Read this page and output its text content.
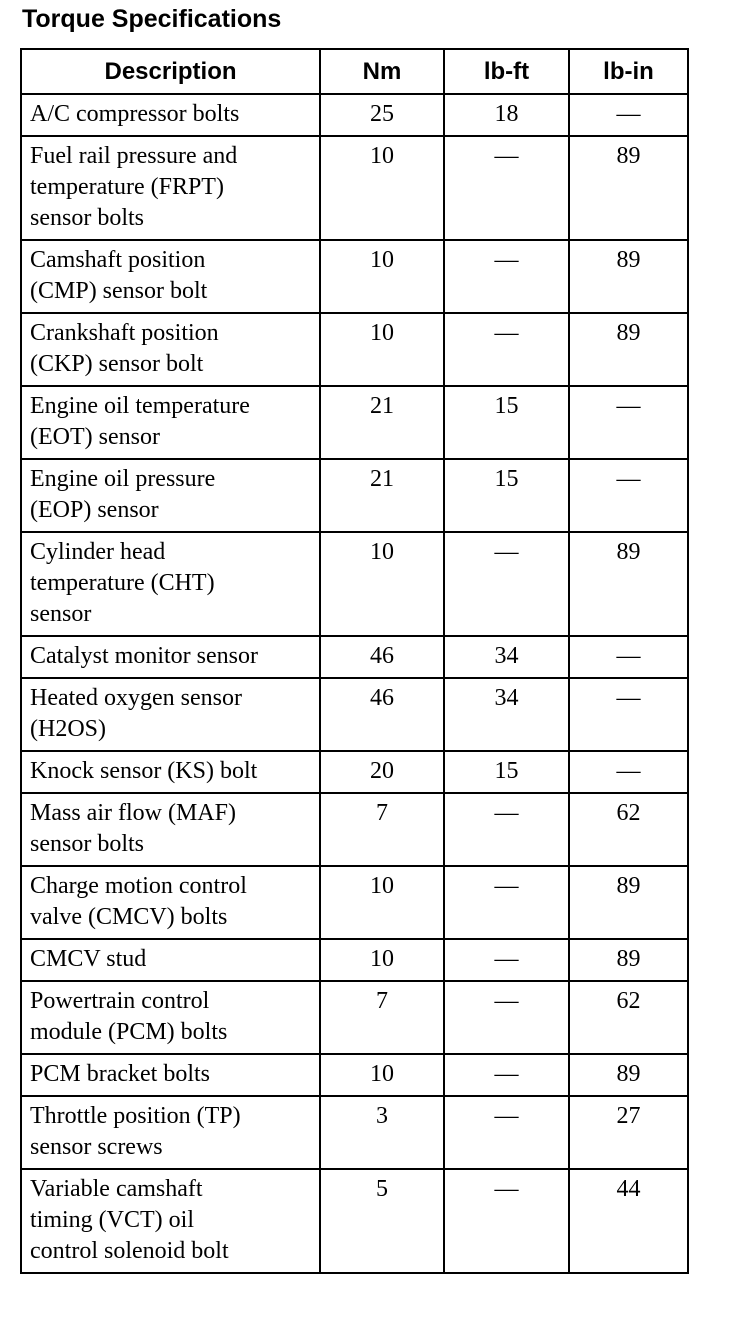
Torque Specifications
Description	Nm	lb-ft	lb-in
A/C compressor bolts	25	18	—
Fuel rail pressure and
temperature (FRPT)
sensor bolts	10	—	89
Camshaft position
(CMP) sensor bolt	10	—	89
Crankshaft position
(CKP) sensor bolt	10	—	89
Engine oil temperature
(EOT) sensor	21	15	—
Engine oil pressure
(EOP) sensor	21	15	—
Cylinder head
temperature (CHT)
sensor	10	—	89
Catalyst monitor sensor	46	34	—
Heated oxygen sensor
(H2OS)	46	34	—
Knock sensor (KS) bolt	20	15	—
Mass air flow (MAF)
sensor bolts	7	—	62
Charge motion control
valve (CMCV) bolts	10	—	89
CMCV stud	10	—	89
Powertrain control
module (PCM) bolts	7	—	62
PCM bracket bolts	10	—	89
Throttle position (TP)
sensor screws	3	—	27
Variable camshaft
timing (VCT) oil
control solenoid bolt	5	—	44
